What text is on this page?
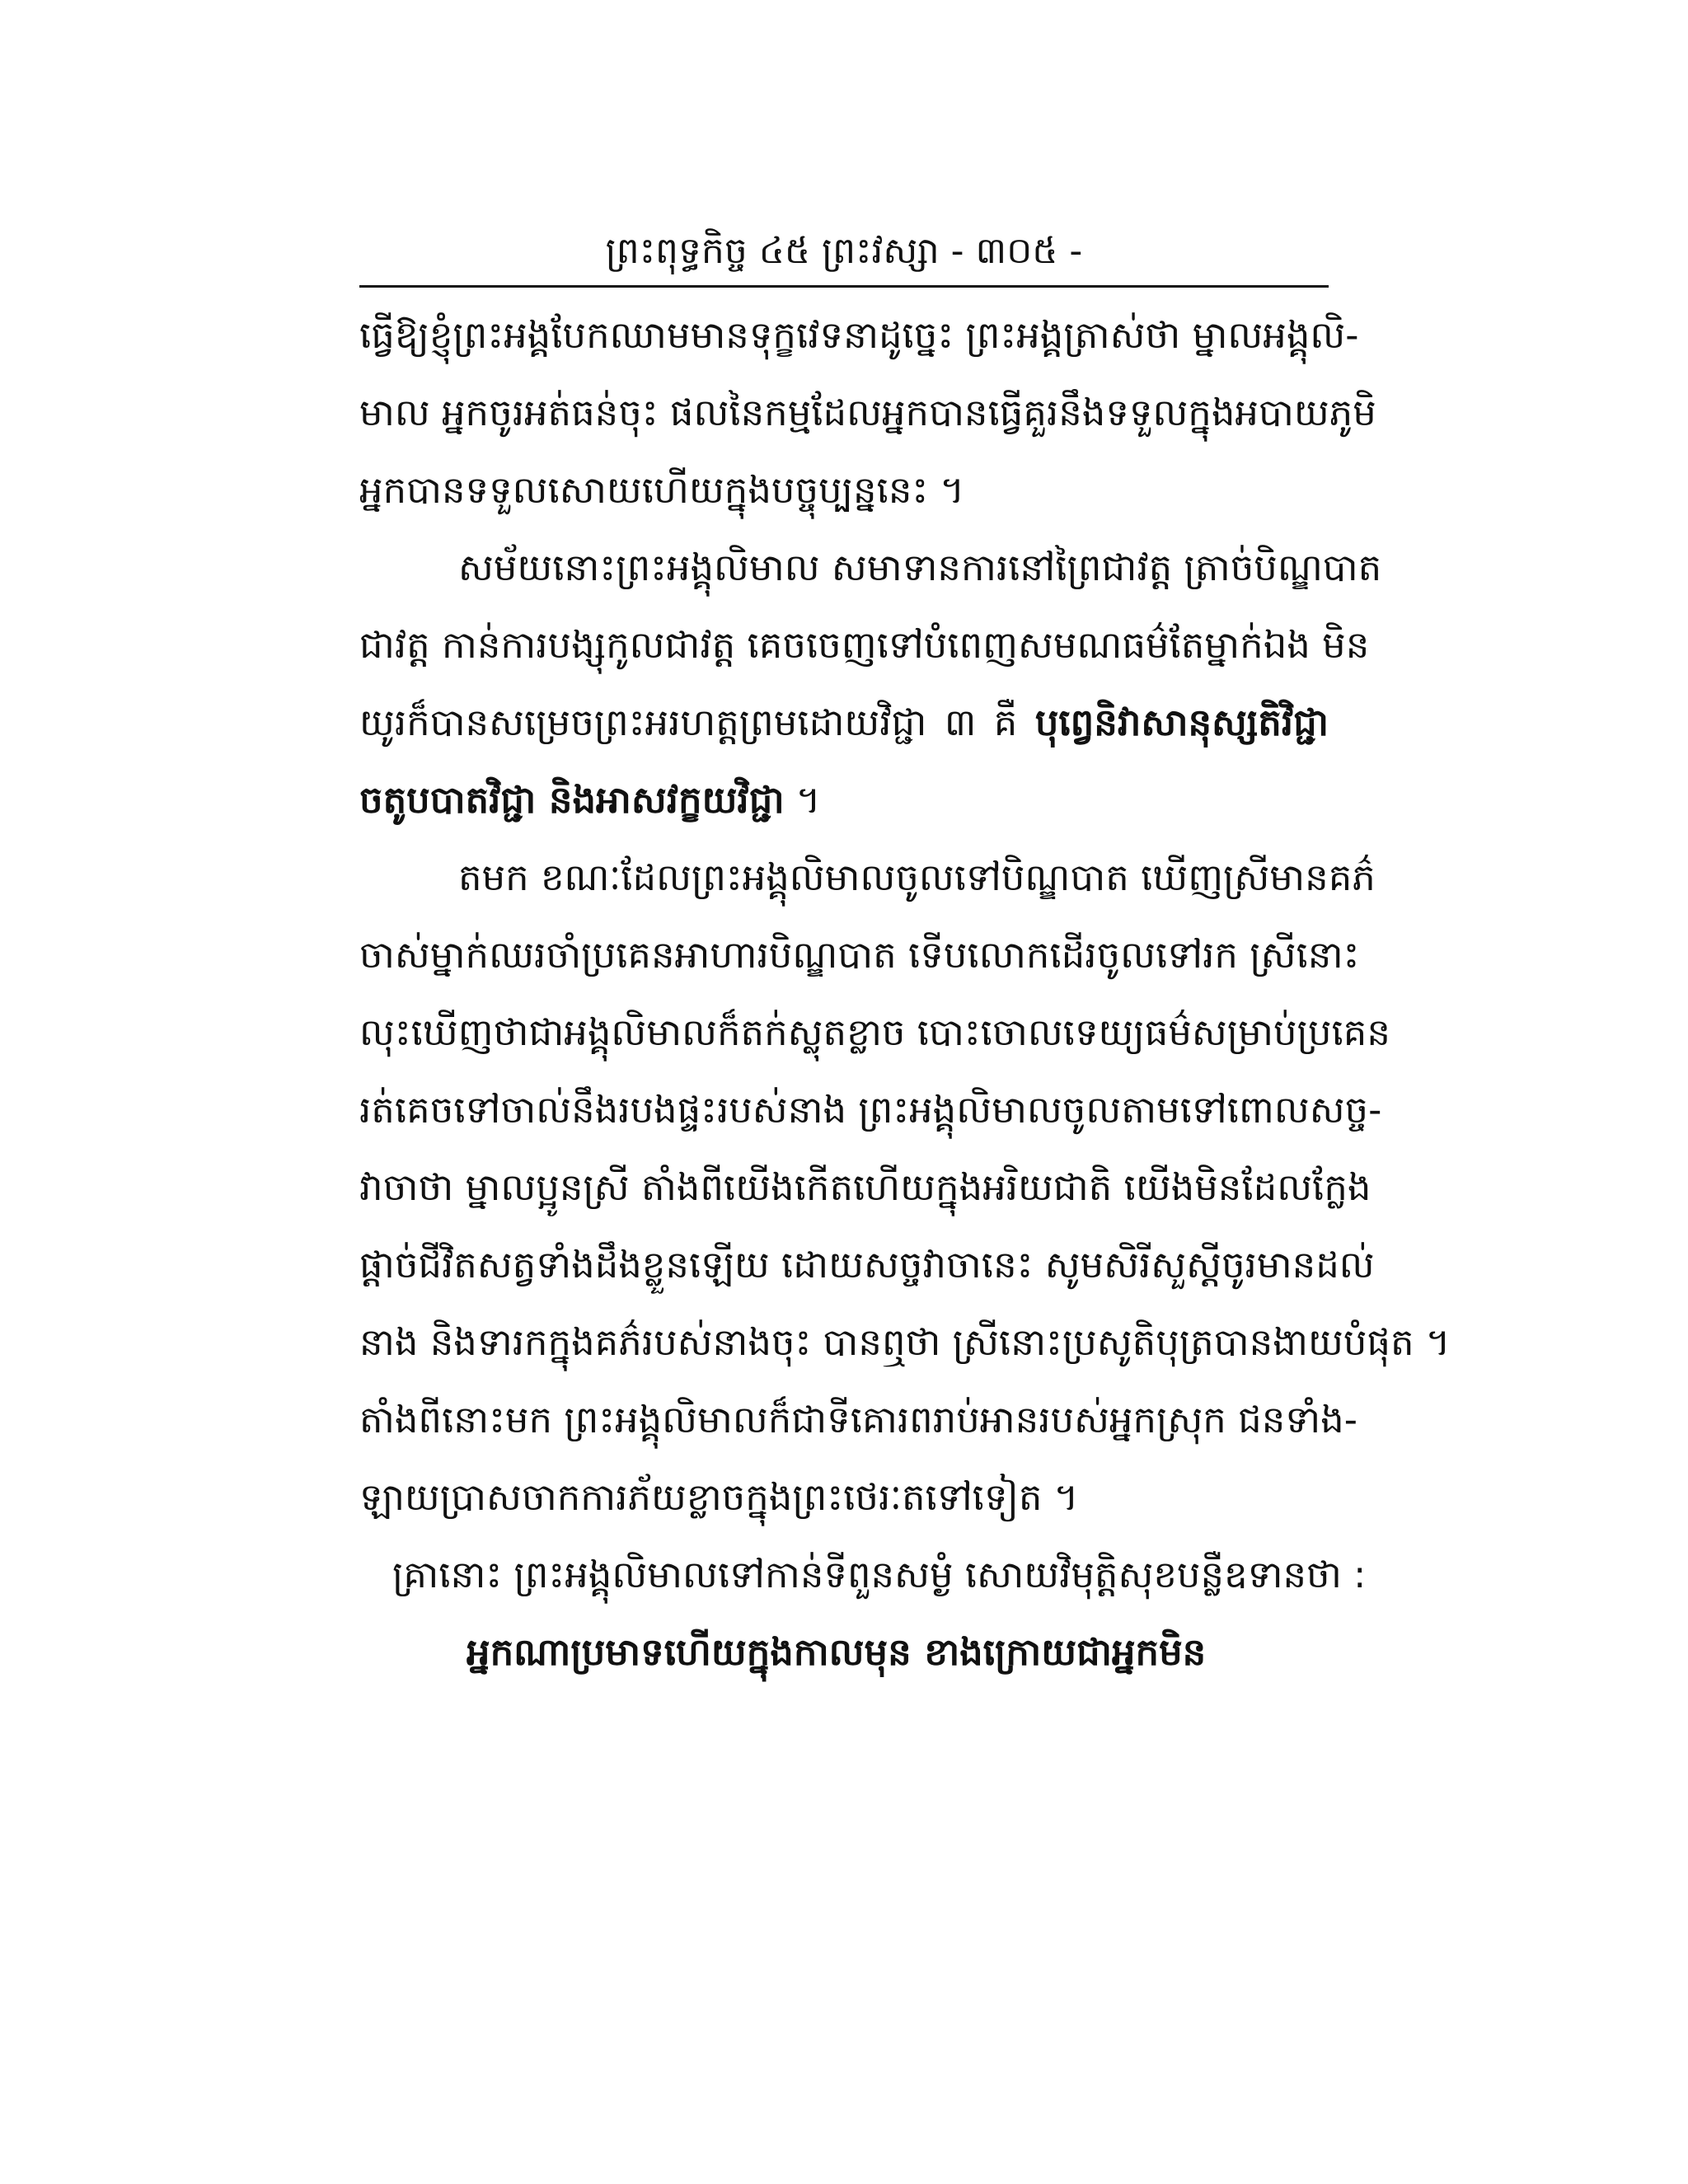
ព្រះពុទ្ធកិច្ច ៤៥ ព្រះវស្សា - ៣០៥ -
ធ្វើឱ្យខ្ញុំព្រះអង្គបែកឈាមមានទុក្ខវេទនាដូច្នេះ ព្រះអង្គត្រាស់ថា ម្នាលអង្គុលិ-
មាល អ្នកចូរអត់ធន់ចុះ ផលនៃកម្មដែលអ្នកបានធ្វើគួរនឹងទទួលក្នុងអបាយភូមិ
អ្នកបានទទួលសោយហើយក្នុងបច្ចុប្បន្ននេះ ។
សម័យនោះព្រះអង្គុលិមាល សមាទានការនៅព្រៃជាវត្ត ត្រាច់បិណ្ឌបាត
ជាវត្ត កាន់ការបង្សុកូលជាវត្ត គេចចេញទៅបំពេញសមណធម៌តែម្នាក់ឯង មិន
យូរក៏បានសម្រេចព្រះអរហត្តព្រមដោយវិជ្ជា ៣ គឺ បុព្វេនិវាសានុស្សតិវិជ្ជា
ចតូបបាតវិជ្ជា និងអាសវក្ខយវិជ្ជា ។
តមក ខណៈដែលព្រះអង្គុលិមាលចូលទៅបិណ្ឌបាត ឃើញស្រីមានគភ៌
ចាស់ម្នាក់ឈរចាំប្រគេនអាហារបិណ្ឌបាត ទើបលោកដើរចូលទៅរក ស្រីនោះ
លុះឃើញថាជាអង្គុលិមាលក៏តក់ស្លុតខ្លាច បោះចោលទេយ្យធម៌សម្រាប់ប្រគេន
រត់គេចទៅចាល់នឹងរបងផ្ទះរបស់នាង ព្រះអង្គុលិមាលចូលតាមទៅពោលសច្ច-
វាចាថា ម្នាលប្អូនស្រី តាំងពីយើងកើតហើយក្នុងអរិយជាតិ យើងមិនដែលក្លែង
ផ្តាច់ជីវិតសត្វទាំងដឹងខ្លួនឡើយ ដោយសច្ចវាចានេះ សូមសិរីសួស្តីចូរមានដល់
នាង និងទារកក្នុងគភ៌របស់នាងចុះ បានឮថា ស្រីនោះប្រសូតិបុត្របានងាយបំផុត ។
តាំងពីនោះមក ព្រះអង្គុលិមាលក៏ជាទីគោរពរាប់អានរបស់អ្នកស្រុក ជនទាំង-
ឡាយប្រាសចាកការភ័យខ្លាចក្នុងព្រះថេរៈតទៅទៀត ។
គ្រានោះ ព្រះអង្គុលិមាលទៅកាន់ទីពួនសម្ងំ សោយវិមុត្តិសុខបន្លឺឧទានថា :
អ្នកណាប្រមាទហើយក្នុងកាលមុន ខាងក្រោយជាអ្នកមិន
